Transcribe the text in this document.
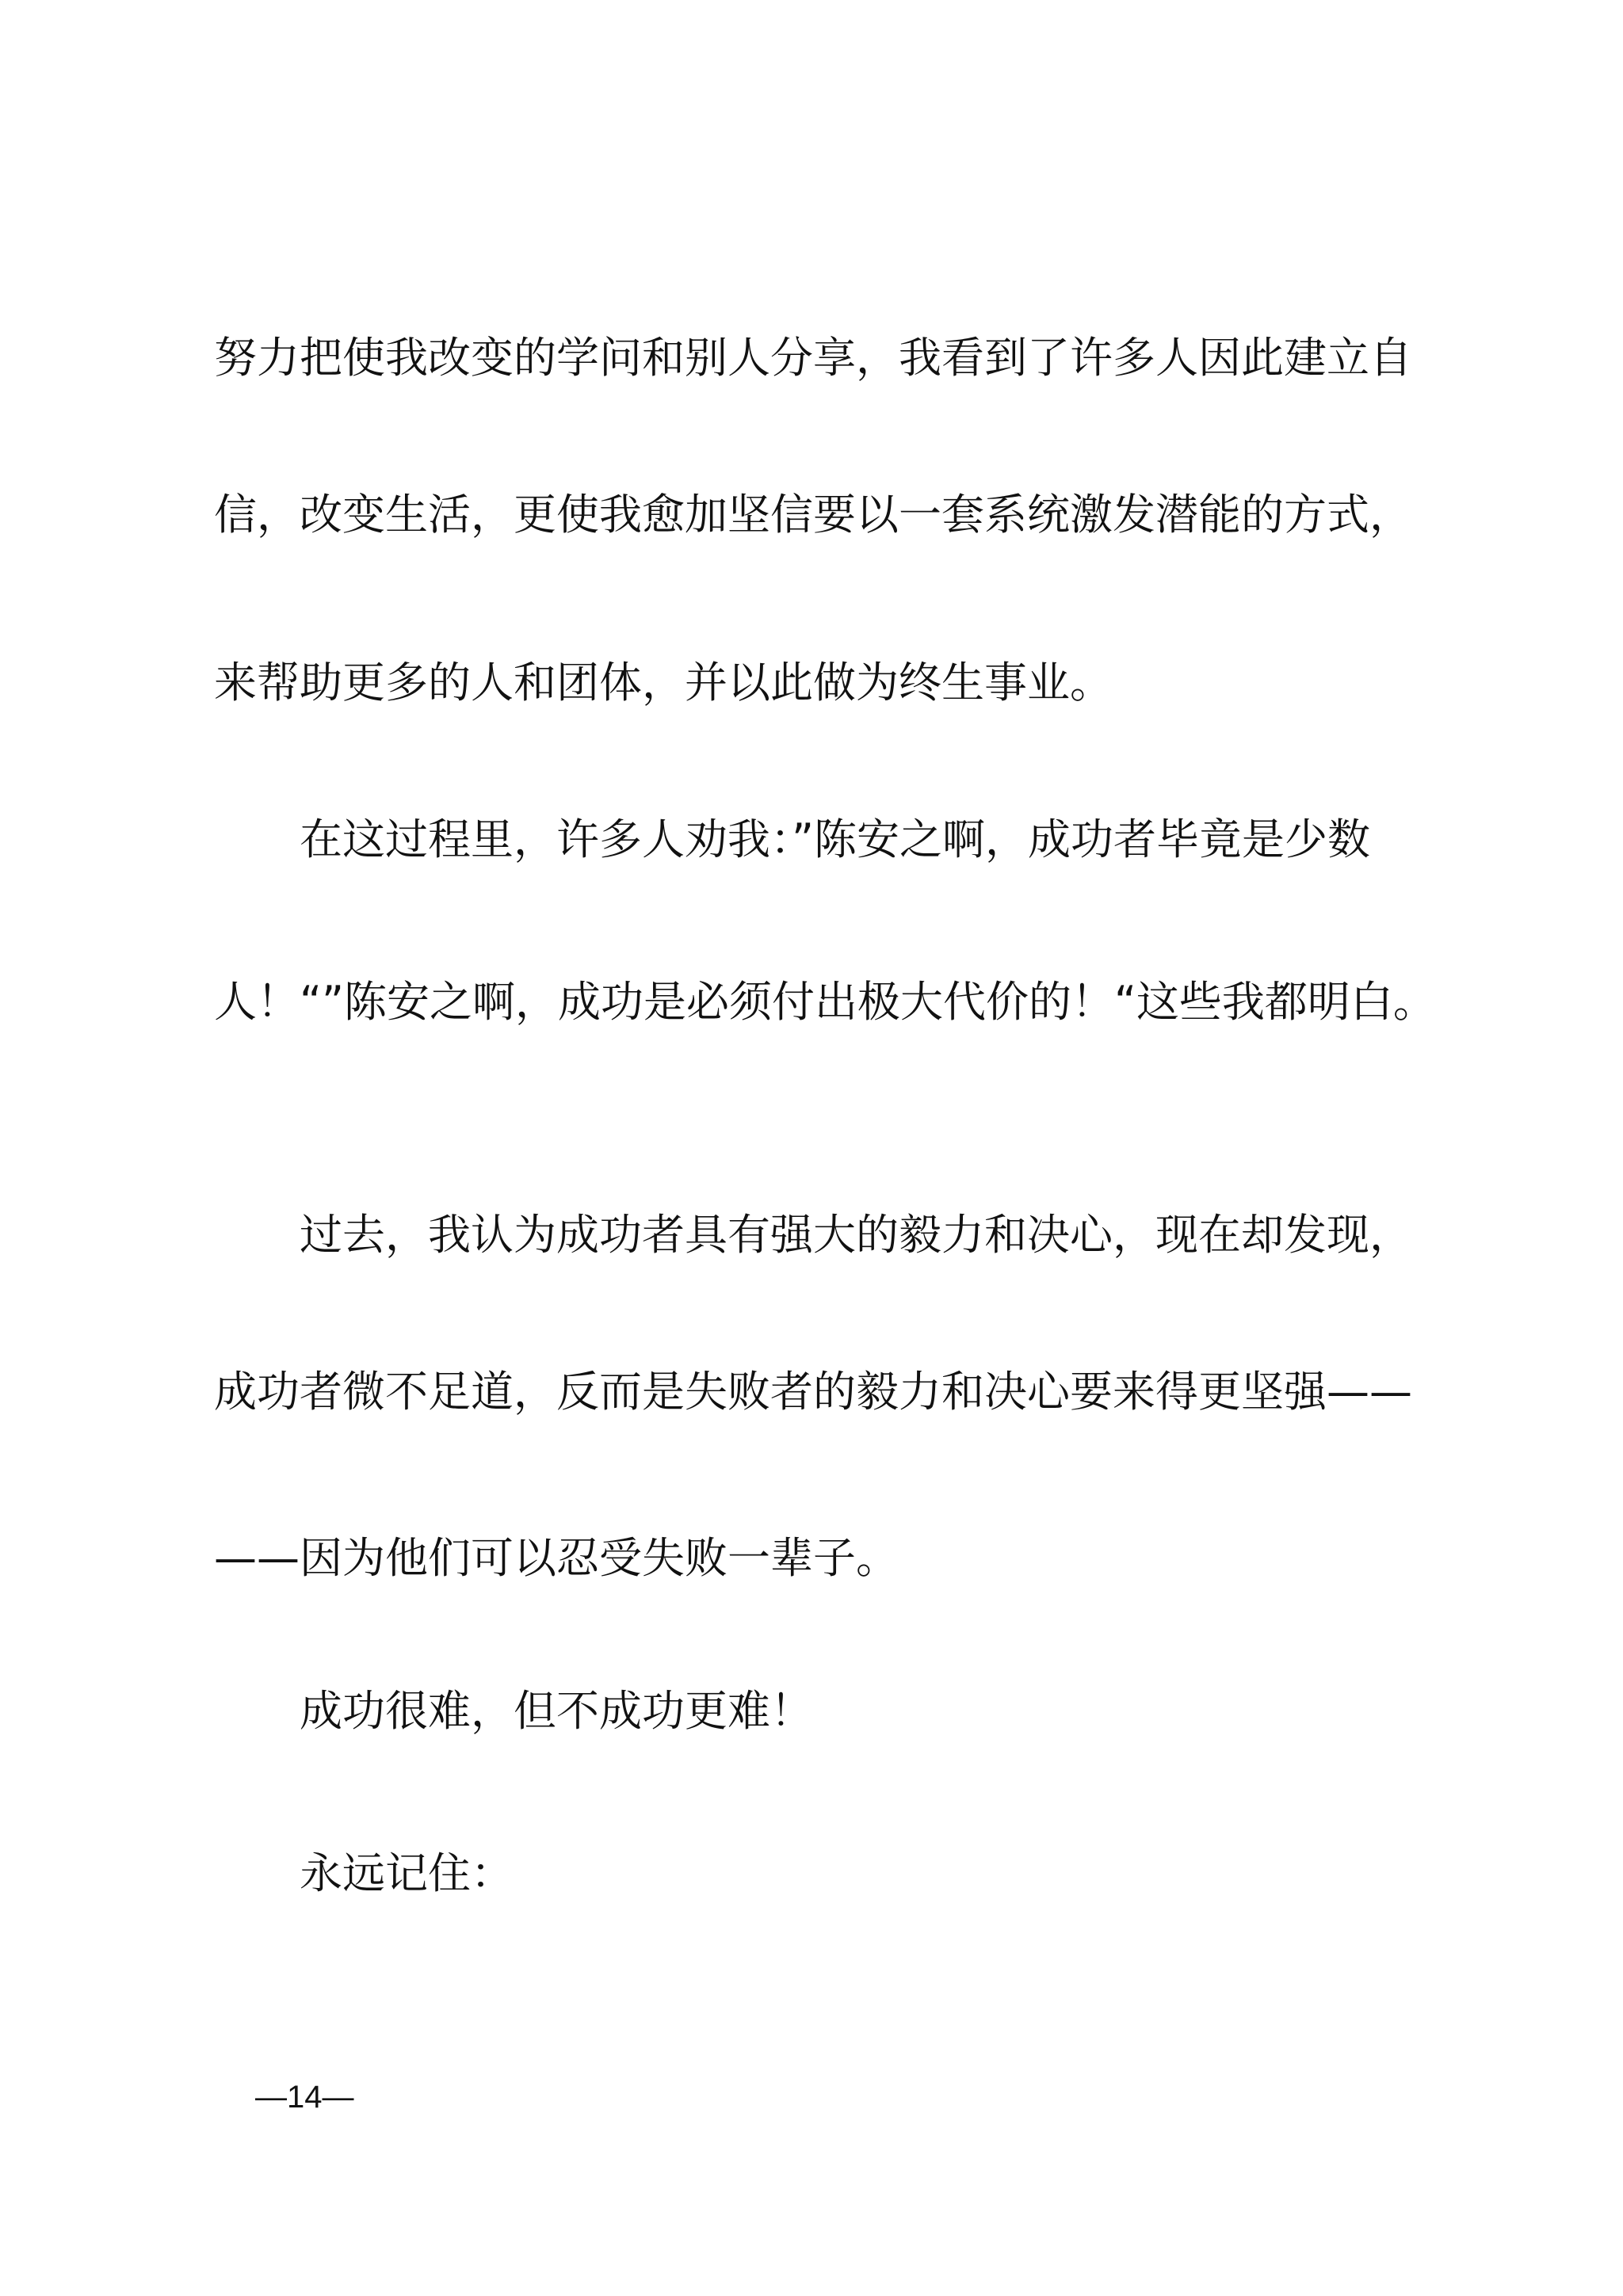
努力把使我改变的学问和别人分享，我看到了许多人因此建立自
信，改变生活，更使我愈加坚信要以一套系统激发潜能的方式，
来帮助更多的人和团体，并以此做为终生事业。
在这过程里，许多人劝我：”陈安之啊，成功者毕竟是少数
人！“”陈安之啊，成功是必须付出极大代价的！“这些我都明白。
过去，我认为成功者具有强大的毅力和决心，现在却发现，
成功者微不足道，反而是失败者的毅力和决心要来得更坚强——
——因为他们可以忍受失败一辈子。
成功很难，但不成功更难！
永远记住：
—14—
